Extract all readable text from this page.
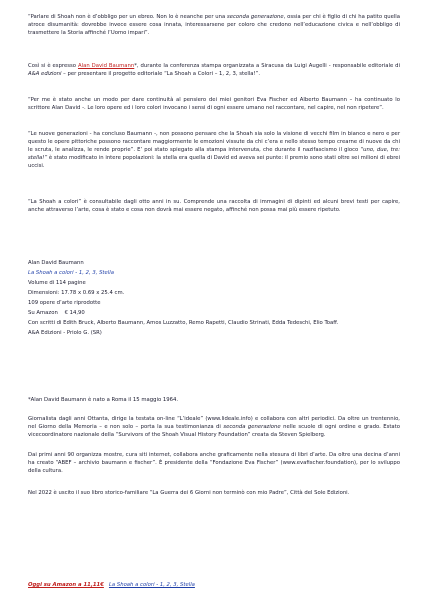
“Parlare di Shoah non è d’obbligo per un ebreo. Non lo è neanche per una seconda generazione, ossia per chi è figlio di chi ha patito quella atroce disumanità: dovrebbe invece essere cosa innata, interessarsene per coloro che credono nell’educazione civica e nell’obbligo di trasmettere la Storia affinché l’Uomo impari”.

Così si è espresso Alan David Baumann*, durante la conferenza stampa organizzata a Siracusa da Luigi Augelli - responsabile editoriale di A&A edizioni – per presentare il progetto editoriale “La Shoah a Colori – 1, 2, 3, stella!”.

“Per me è stato anche un modo per dare continuità al pensiero dei miei genitori Eva Fischer ed Alberto Baumann – ha continuato lo scrittore Alan David -. Le loro opere ed i loro colori invocano i sensi di ogni essere umano nel raccontare, nel capire, nel non ripetere”.

“Le nuove generazioni - ha concluso Baumann -, non possono pensare che la Shoah sia solo la visione di vecchi film in bianco e nero e per questo le opere pittoriche possono raccontare maggiormente le emozioni vissute da chi c’era e nello stesso tempo crearne di nuove da chi le scruta, le analizza, le rende proprie”. E’ poi stato spiegato alla stampa intervenuta, che durante il nazifascismo il gioco “uno, due, tre: stella!” è stato modificato in intere popolazioni: la stella era quella di David ed aveva sei punte: il premio sono stati oltre sei milioni di ebrei uccisi.

“La Shoah a colori” è consultabile dagli otto anni in su. Comprende una raccolta di immagini di dipinti ed alcuni brevi testi per capire, anche attraverso l’arte, cosa è stato e cosa non dovrà mai essere negato, affinché non possa mai più essere ripetuto.

Alan David Baumann
La Shoah a colori - 1, 2, 3, Stella
Volume di 114 pagine
Dimensioni: 17.78 x 0.69 x 25.4 cm.
109 opere d’arte riprodotte
Su Amazon € 14,90
Con scritti di Edith Bruck, Alberto Baumann, Amos Luzzatto, Remo Rapetti, Claudio Strinati, Edda Tedeschi, Elio Toaff.
A&A Edizioni - Priolo G. (SR)

*Alan David Baumann è nato a Roma il 15 maggio 1964.

Giornalista dagli anni Ottanta, dirige la testata on-line “L’ideale” (www.lideale.info) e collabora con altri periodici. Da oltre un trentennio, nel Giorno della Memoria – e non solo – porta la sua testimonianza di seconda generazione nelle scuole di ogni ordine e grado. Estato vicecoordinatore nazionale della “Survivors of the Shoah Visual History Foundation” creata da Steven Spielberg.

Dai primi anni 90 organizza mostre, cura siti internet, collabora anche graficamente nella stesura di libri d’arte. Da oltre una decina d’anni ha creato “ABEF – archivio baumann e fischer”. È presidente della “Fondazione Eva Fischer” (www.evafischer.foundation), per lo sviluppo della cultura.

Nel 2022 è uscito il suo libro storico-familiare “La Guerra dei 6 Giorni non terminò con mio Padre”, Città del Sole Edizioni.

Oggi su Amazon a 11,11€ La Shoah a colori - 1, 2, 3, Stella
